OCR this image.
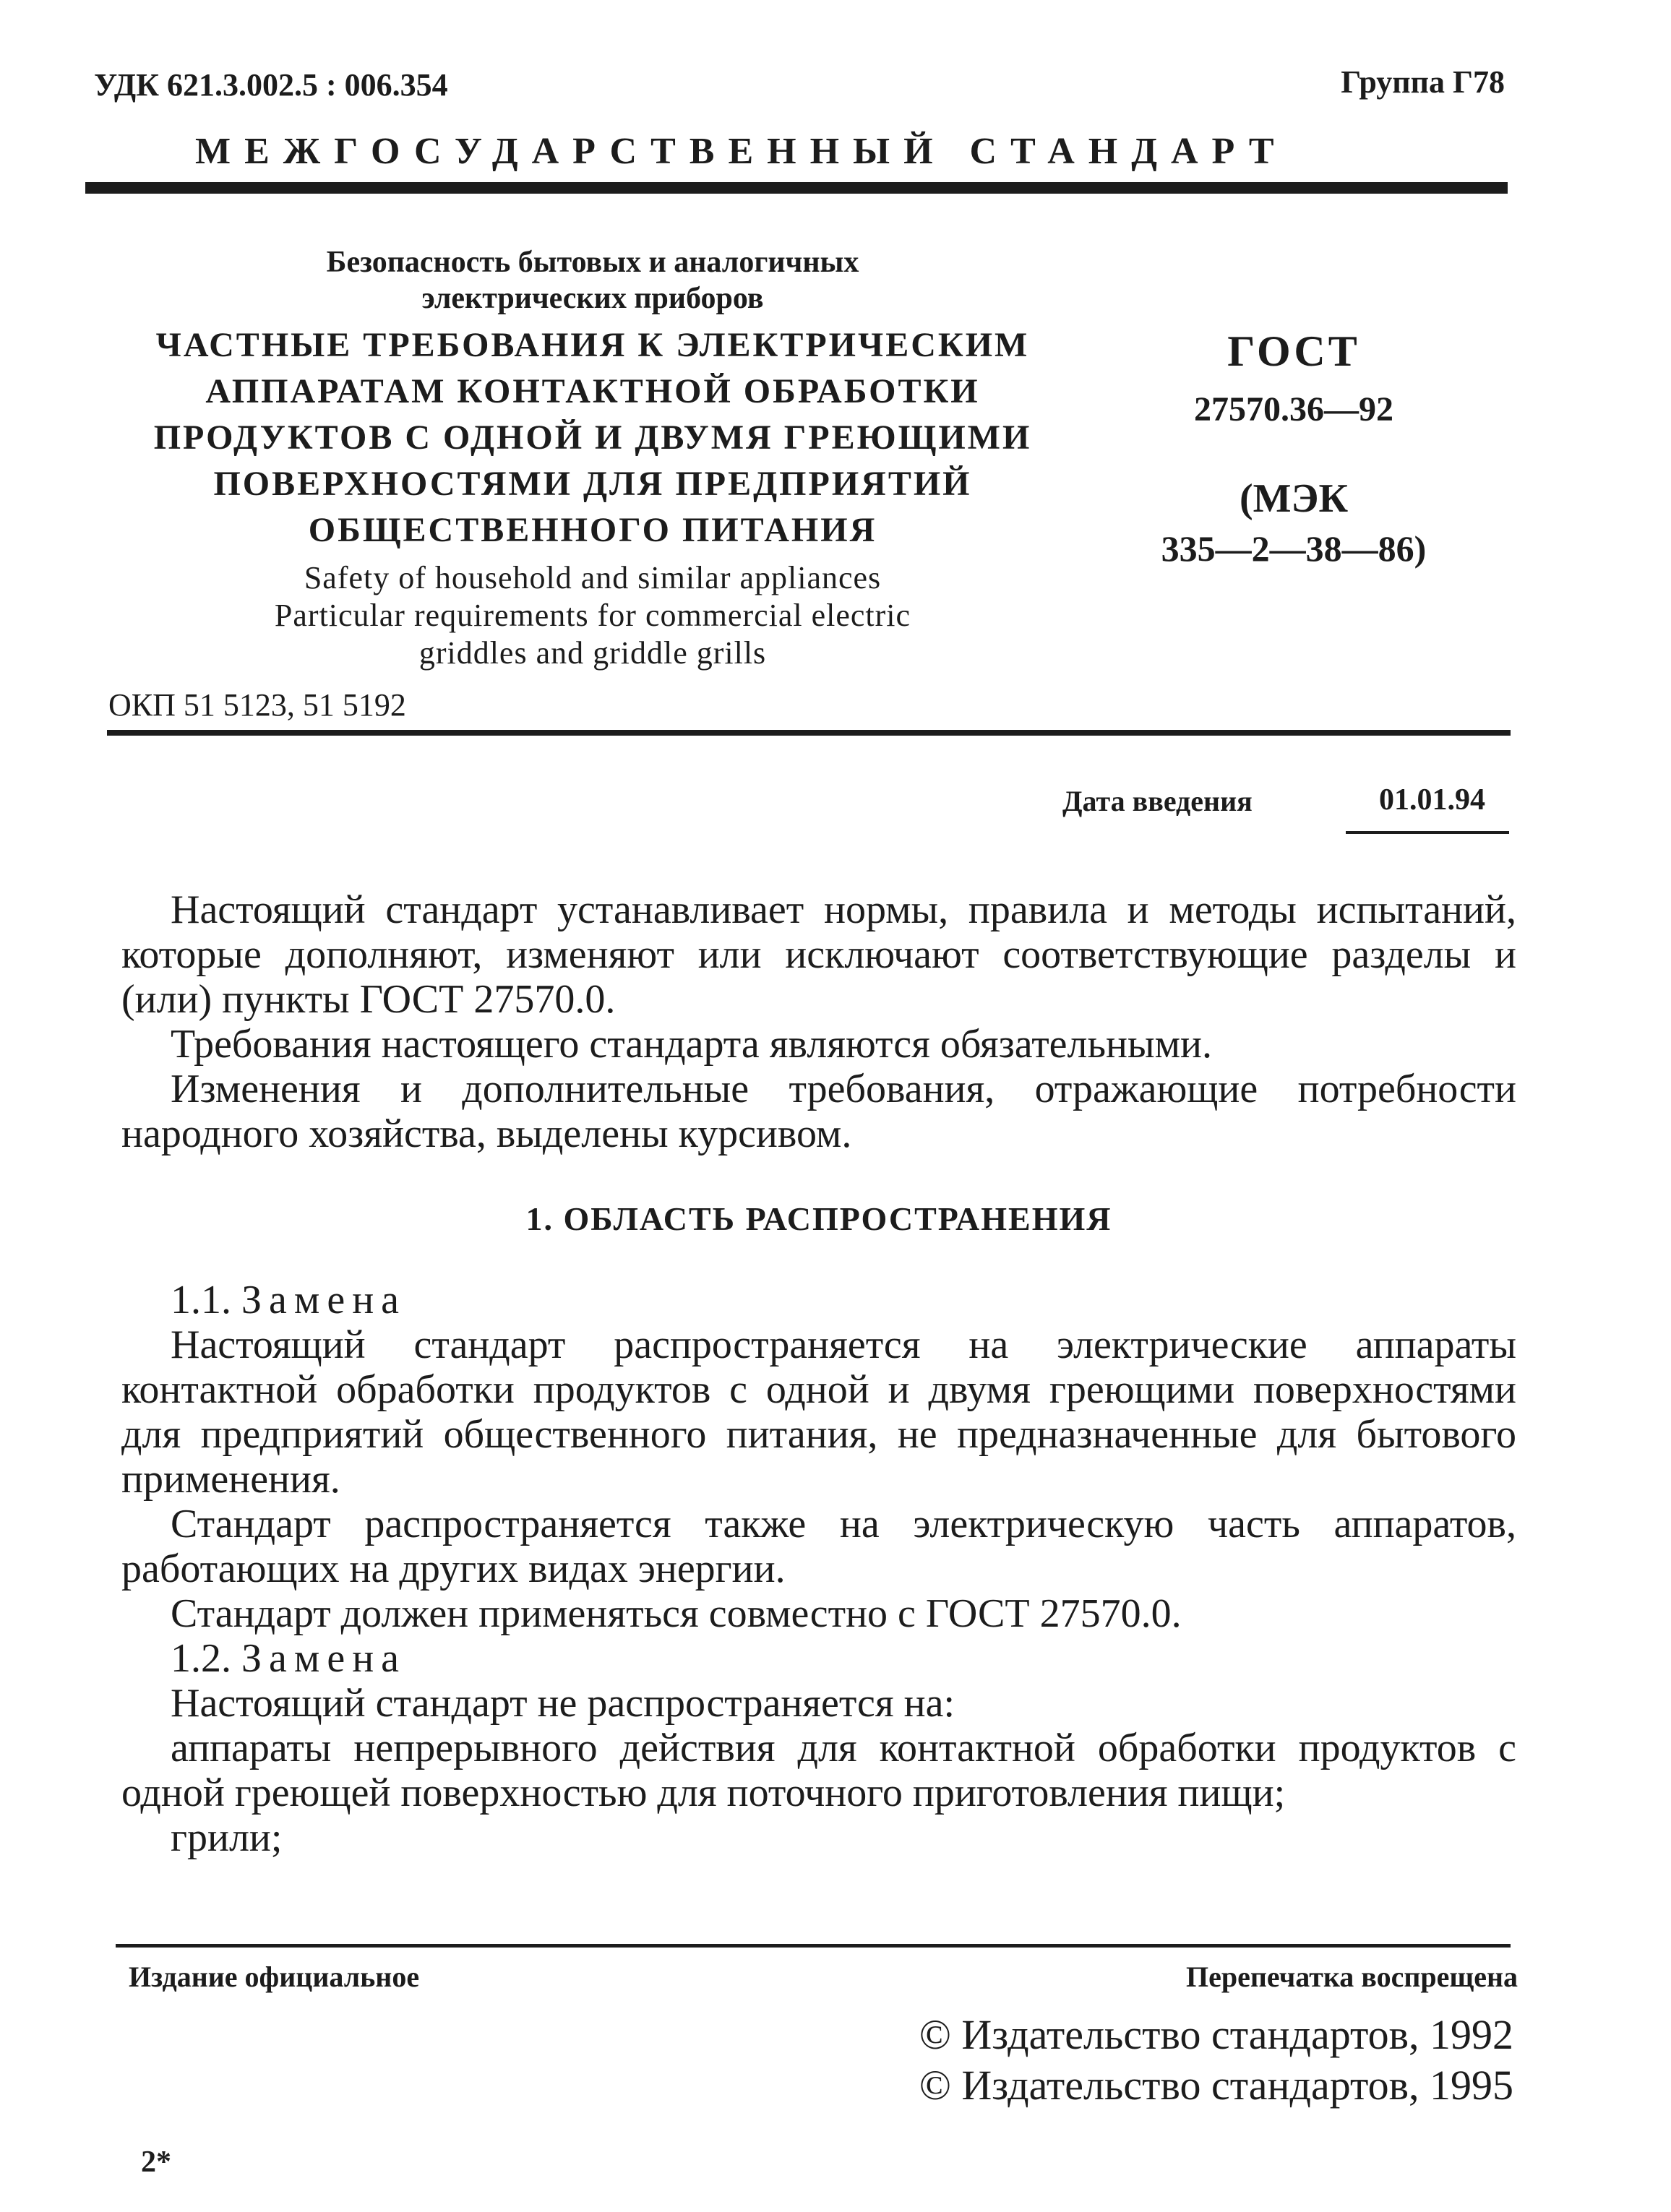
УДК 621.3.002.5 : 006.354	Группа Г78
МЕЖГОСУДАРСТВЕННЫЙ СТАНДАРТ
Безопасность бытовых и аналогичных
электрических приборов
ЧАСТНЫЕ ТРЕБОВАНИЯ К ЭЛЕКТРИЧЕСКИМ
АППАРАТАМ КОНТАКТНОЙ ОБРАБОТКИ
ПРОДУКТОВ С ОДНОЙ И ДВУМЯ ГРЕЮЩИМИ
ПОВЕРХНОСТЯМИ ДЛЯ ПРЕДПРИЯТИЙ
ОБЩЕСТВЕННОГО ПИТАНИЯ
Safety of household and similar appliances
Particular requirements for commercial electric
griddles and griddle grills
ГОСТ
27570.36—92
(МЭК
335—2—38—86)
ОКП 51 5123, 51 5192
Дата введения	01.01.94
Настоящий стандарт устанавливает нормы, правила и методы испытаний, которые дополняют, изменяют или исключают соответствующие разделы и (или) пункты ГОСТ 27570.0.
Требования настоящего стандарта являются обязательными.
Изменения и дополнительные требования, отражающие потребности народного хозяйства, выделены курсивом.
1. ОБЛАСТЬ РАСПРОСТРАНЕНИЯ
1.1. Замена
Настоящий стандарт распространяется на электрические аппараты контактной обработки продуктов с одной и двумя греющими поверхностями для предприятий общественного питания, не предназначенные для бытового применения.
Стандарт распространяется также на электрическую часть аппаратов, работающих на других видах энергии.
Стандарт должен применяться совместно с ГОСТ 27570.0.
1.2. Замена
Настоящий стандарт не распространяется на:
аппараты непрерывного действия для контактной обработки продуктов с одной греющей поверхностью для поточного приготовления пищи;
грили;
Издание официальное	Перепечатка воспрещена
© Издательство стандартов, 1992
© Издательство стандартов, 1995
2*
